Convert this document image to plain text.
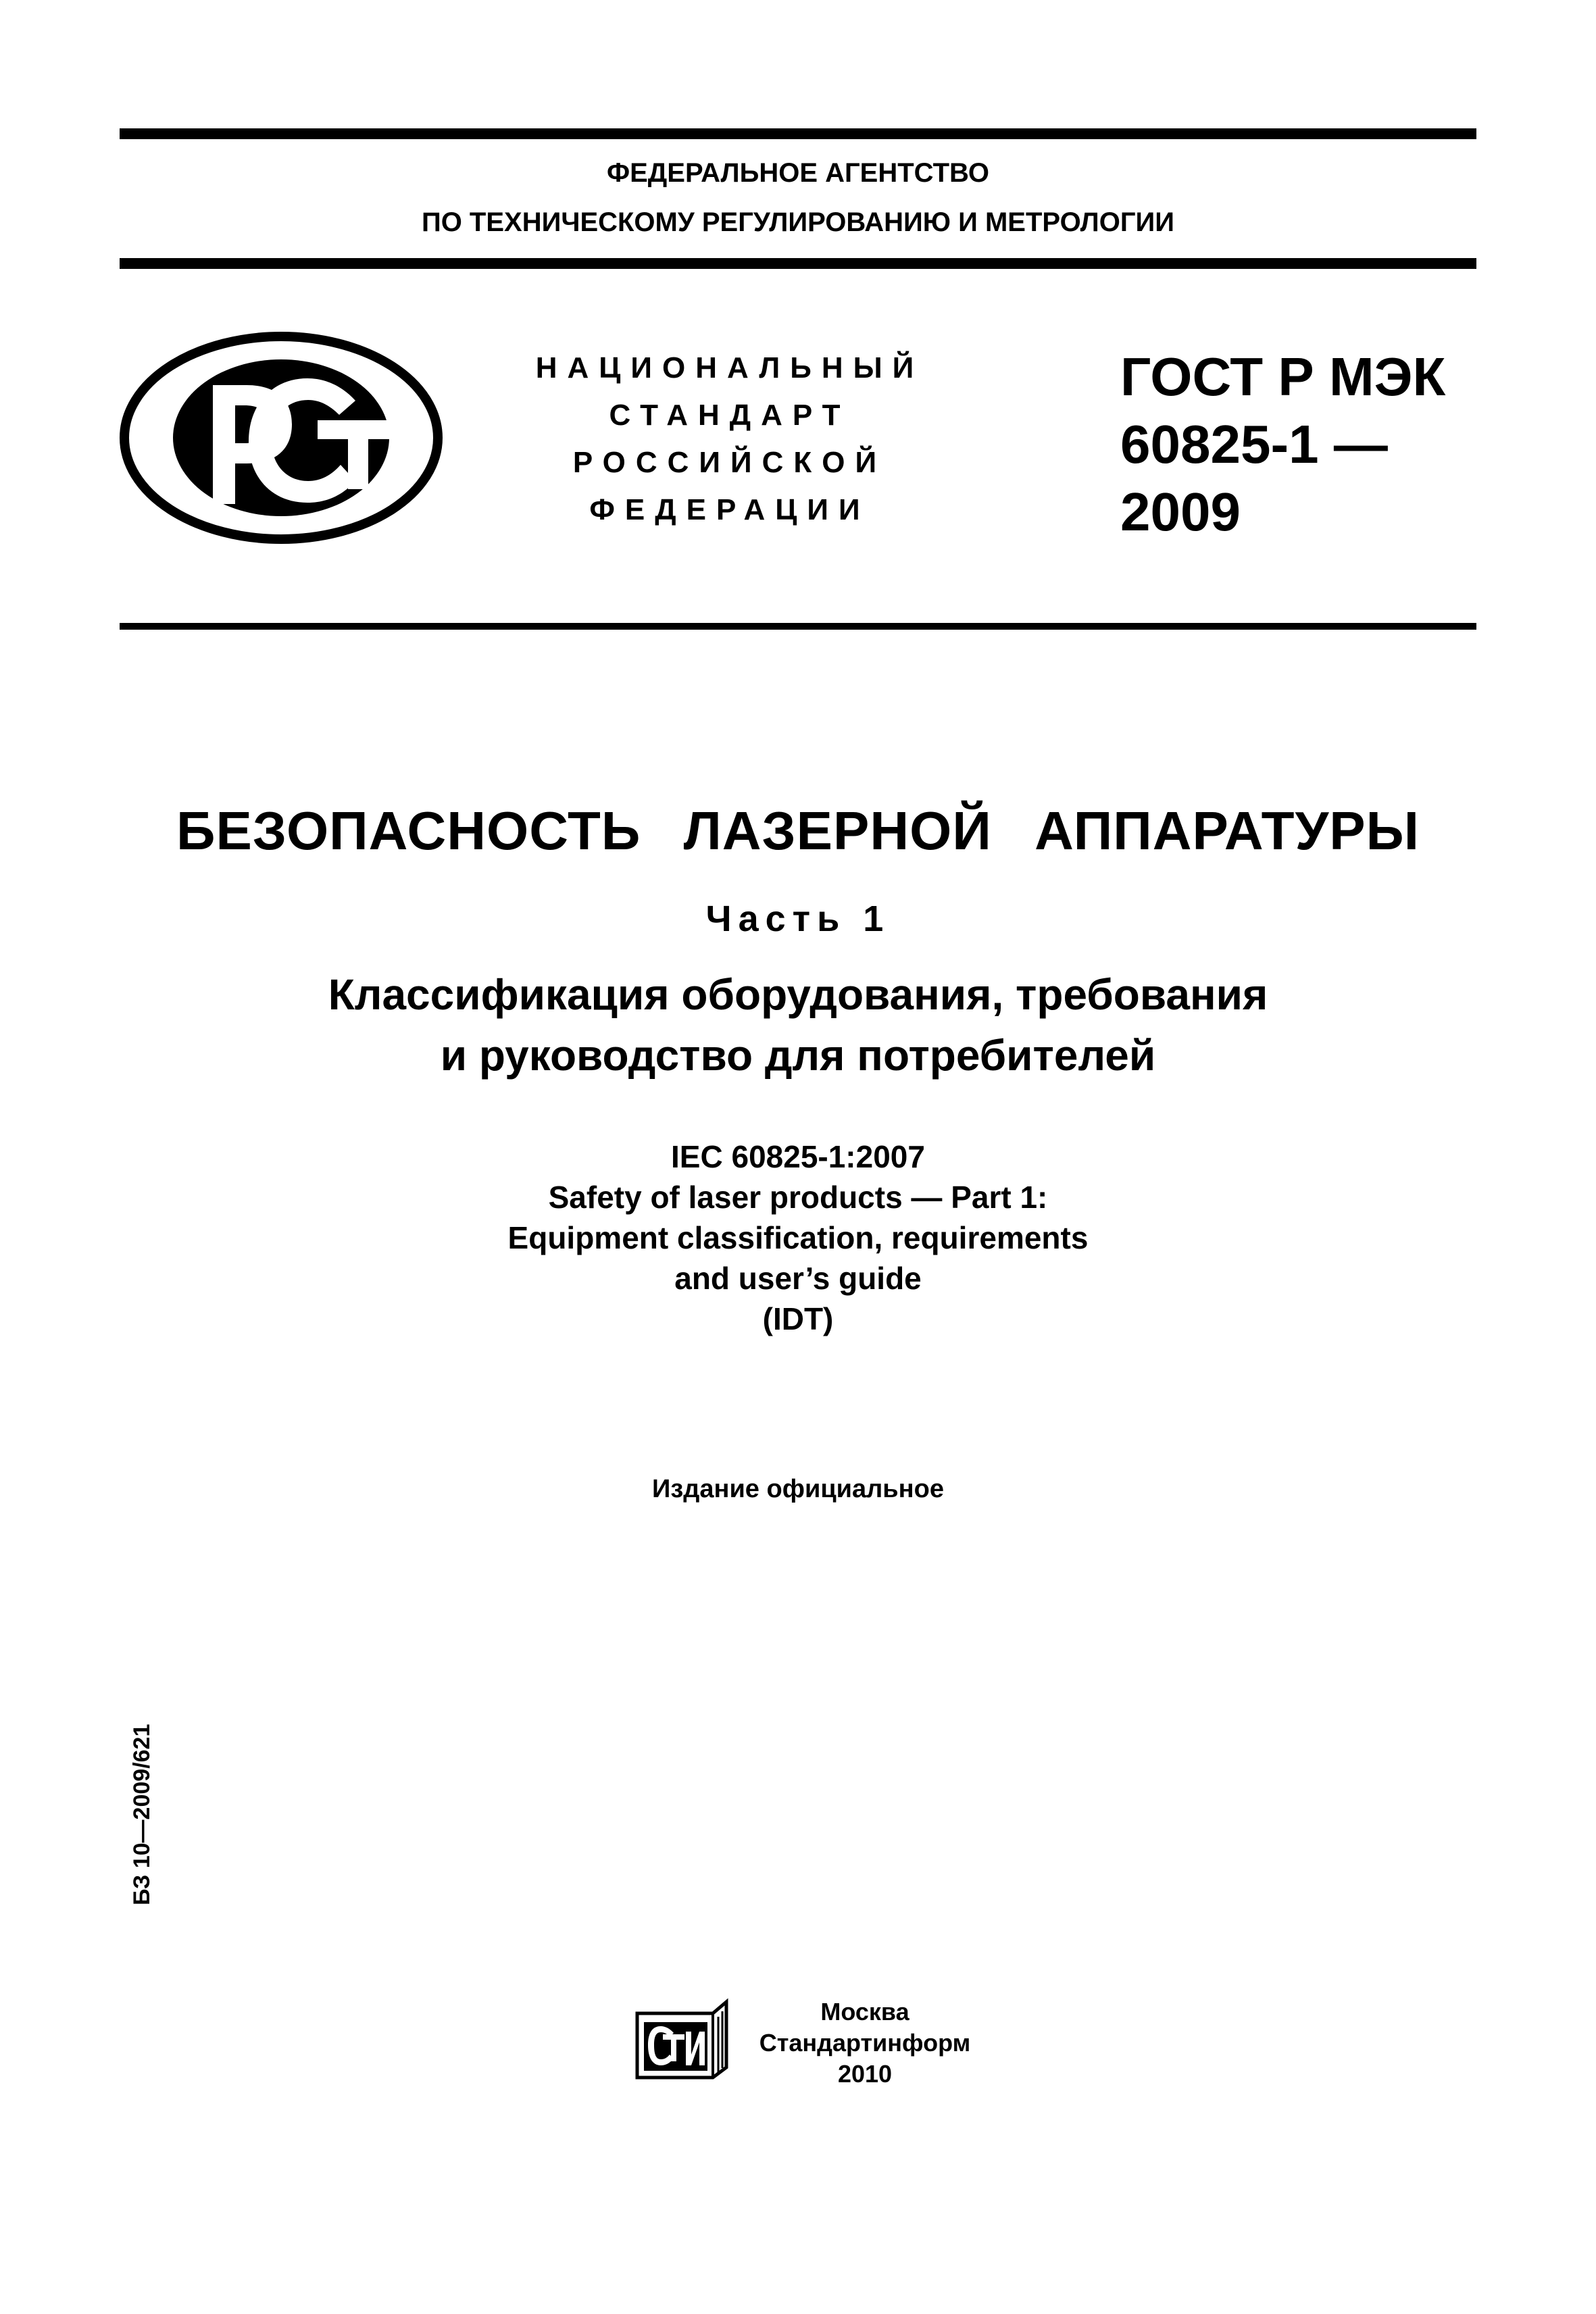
ФЕДЕРАЛЬНОЕ АГЕНТСТВО
ПО ТЕХНИЧЕСКОМУ РЕГУЛИРОВАНИЮ И МЕТРОЛОГИИ
НАЦИОНАЛЬНЫЙ
СТАНДАРТ
РОССИЙСКОЙ
ФЕДЕРАЦИИ
ГОСТ Р МЭК
60825-1 —
2009
БЕЗОПАСНОСТЬ ЛАЗЕРНОЙ АППАРАТУРЫ
Часть 1
Классификация оборудования, требования
и руководство для потребителей
IEC 60825-1:2007
Safety of laser products — Part 1:
Equipment classification, requirements
and user’s guide
(IDT)
Издание официальное
БЗ 10—2009/621
Москва
Стандартинформ
2010
